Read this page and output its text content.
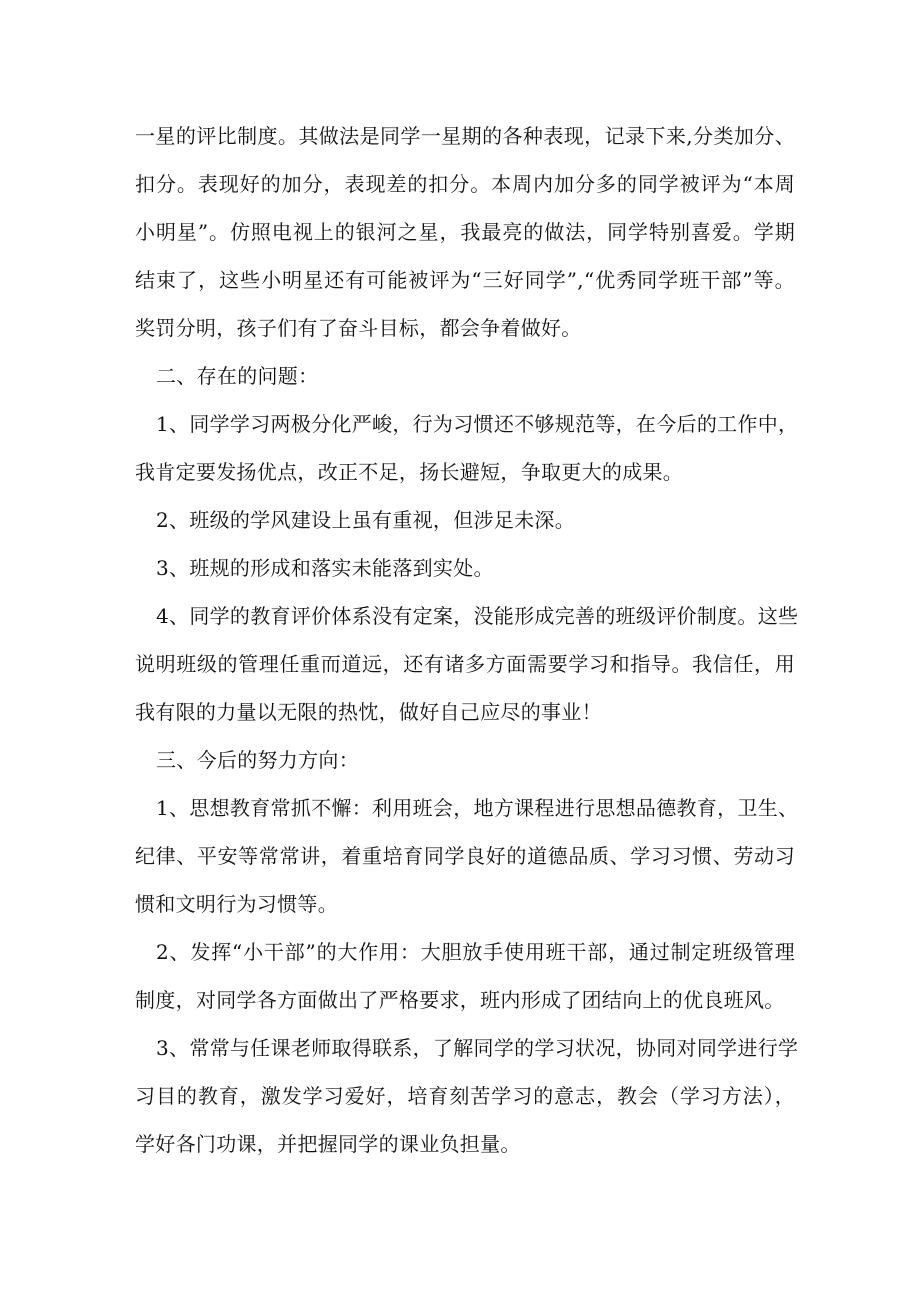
一星的评比制度。其做法是同学一星期的各种表现，记录下来,分类加分、
扣分。表现好的加分，表现差的扣分。本周内加分多的同学被评为“本周
小明星”。仿照电视上的银河之星，我最亮的做法，同学特别喜爱。学期
结束了，这些小明星还有可能被评为“三好同学”,“优秀同学班干部”等。
奖罚分明，孩子们有了奋斗目标，都会争着做好。
二、存在的问题：
1、同学学习两极分化严峻，行为习惯还不够规范等，在今后的工作中，
我肯定要发扬优点，改正不足，扬长避短，争取更大的成果。
2、班级的学风建设上虽有重视，但涉足未深。
3、班规的形成和落实未能落到实处。
4、同学的教育评价体系没有定案，没能形成完善的班级评价制度。这些
说明班级的管理任重而道远，还有诸多方面需要学习和指导。我信任，用
我有限的力量以无限的热忱，做好自己应尽的事业！
三、今后的努力方向：
1、思想教育常抓不懈：利用班会，地方课程进行思想品德教育，卫生、
纪律、平安等常常讲，着重培育同学良好的道德品质、学习习惯、劳动习
惯和文明行为习惯等。
2、发挥“小干部”的大作用：大胆放手使用班干部，通过制定班级管理
制度，对同学各方面做出了严格要求，班内形成了团结向上的优良班风。
3、常常与任课老师取得联系，了解同学的学习状况，协同对同学进行学
习目的教育，激发学习爱好，培育刻苦学习的意志，教会（学习方法），
学好各门功课，并把握同学的课业负担量。
